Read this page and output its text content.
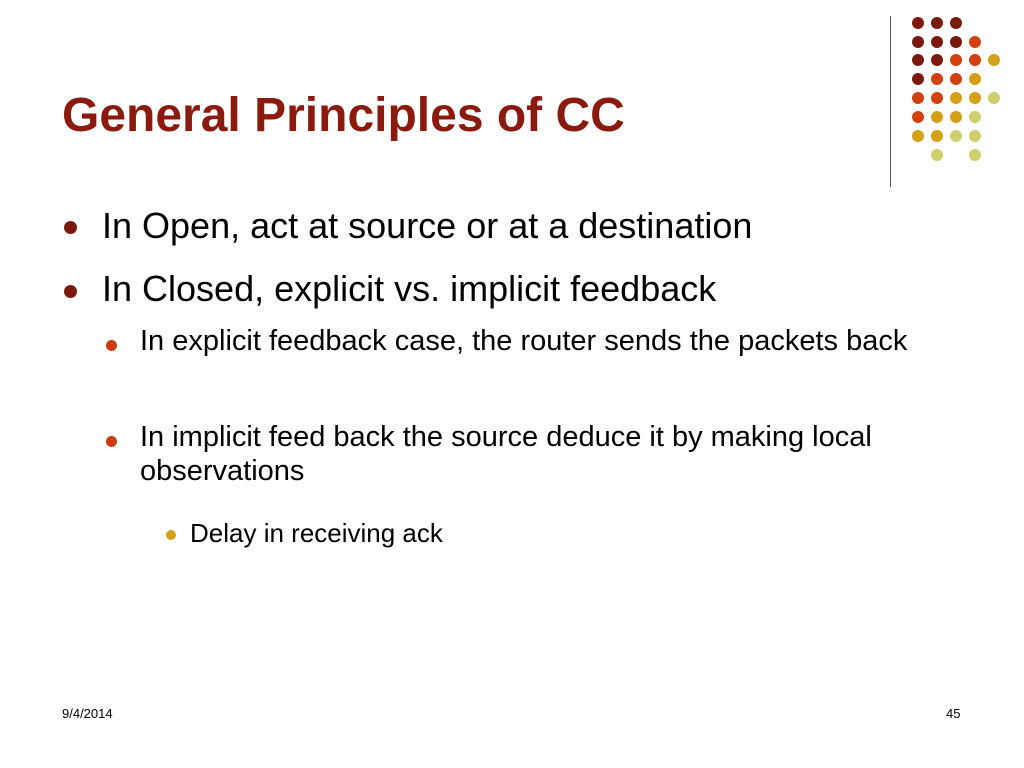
General Principles of CC
In Open, act at source or at a destination
In Closed, explicit vs. implicit feedback
In explicit feedback case, the router sends the packets back
In implicit feed back the source deduce it by making local observations
Delay in receiving ack
9/4/2014	45
